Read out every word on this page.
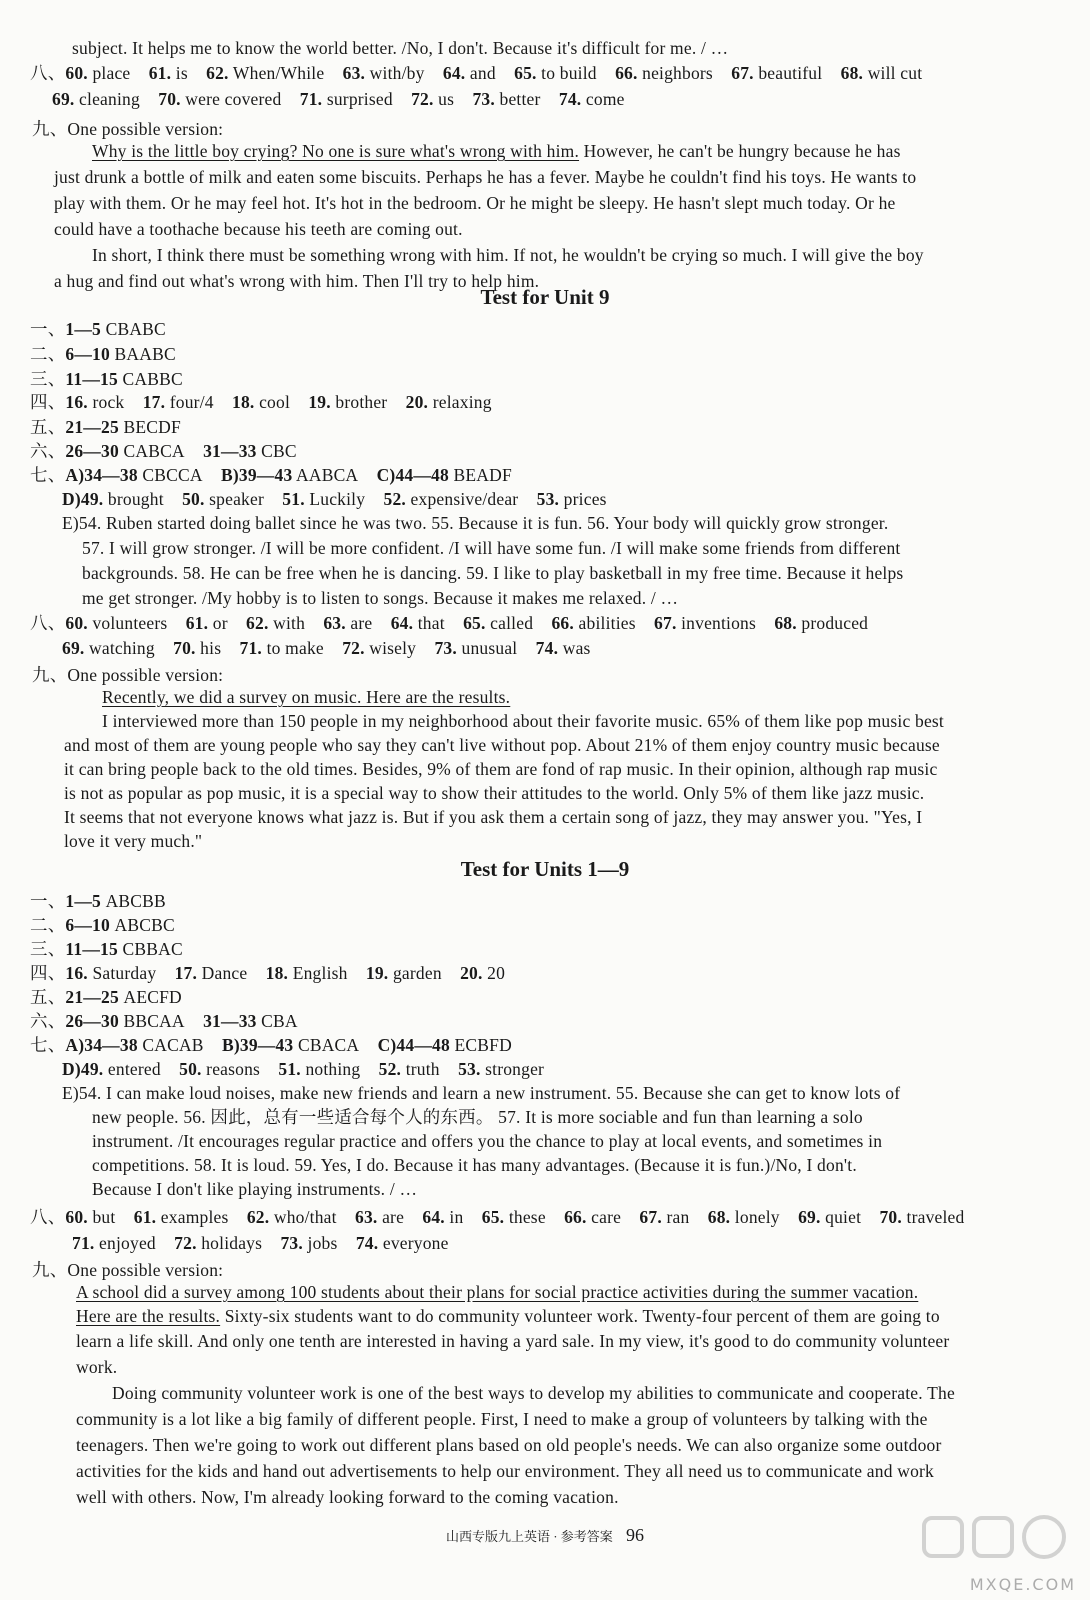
subject. It helps me to know the world better. /No, I don't. Because it's difficult for me. / …
八、60. place 61. is 62. When/While 63. with/by 64. and 65. to build 66. neighbors 67. beautiful 68. will cut
69. cleaning 70. were covered 71. surprised 72. us 73. better 74. come
九、One possible version:
Why is the little boy crying? No one is sure what's wrong with him. However, he can't be hungry because he has
just drunk a bottle of milk and eaten some biscuits. Perhaps he has a fever. Maybe he couldn't find his toys. He wants to
play with them. Or he may feel hot. It's hot in the bedroom. Or he might be sleepy. He hasn't slept much today. Or he
could have a toothache because his teeth are coming out.
In short, I think there must be something wrong with him. If not, he wouldn't be crying so much. I will give the boy
a hug and find out what's wrong with him. Then I'll try to help him.
Test for Unit 9
一、1—5 CBABC
二、6—10 BAABC
三、11—15 CABBC
四、16. rock 17. four/4 18. cool 19. brother 20. relaxing
五、21—25 BECDF
六、26—30 CABCA 31—33 CBC
七、A)34—38 CBCCA B)39—43 AABCA C)44—48 BEADF
D)49. brought 50. speaker 51. Luckily 52. expensive/dear 53. prices
E)54. Ruben started doing ballet since he was two. 55. Because it is fun. 56. Your body will quickly grow stronger.
57. I will grow stronger. /I will be more confident. /I will have some fun. /I will make some friends from different
backgrounds. 58. He can be free when he is dancing. 59. I like to play basketball in my free time. Because it helps
me get stronger. /My hobby is to listen to songs. Because it makes me relaxed. / …
八、60. volunteers 61. or 62. with 63. are 64. that 65. called 66. abilities 67. inventions 68. produced
69. watching 70. his 71. to make 72. wisely 73. unusual 74. was
九、One possible version:
Recently, we did a survey on music. Here are the results.
I interviewed more than 150 people in my neighborhood about their favorite music. 65% of them like pop music best
and most of them are young people who say they can't live without pop. About 21% of them enjoy country music because
it can bring people back to the old times. Besides, 9% of them are fond of rap music. In their opinion, although rap music
is not as popular as pop music, it is a special way to show their attitudes to the world. Only 5% of them like jazz music.
It seems that not everyone knows what jazz is. But if you ask them a certain song of jazz, they may answer you. "Yes, I
love it very much."
Test for Units 1—9
一、1—5 ABCBB
二、6—10 ABCBC
三、11—15 CBBAC
四、16. Saturday 17. Dance 18. English 19. garden 20. 20
五、21—25 AECFD
六、26—30 BBCAA 31—33 CBA
七、A)34—38 CACAB B)39—43 CBACA C)44—48 ECBFD
D)49. entered 50. reasons 51. nothing 52. truth 53. stronger
E)54. I can make loud noises, make new friends and learn a new instrument. 55. Because she can get to know lots of
new people. 56. 因此，总有一些适合每个人的东西。 57. It is more sociable and fun than learning a solo
instrument. /It encourages regular practice and offers you the chance to play at local events, and sometimes in
competitions. 58. It is loud. 59. Yes, I do. Because it has many advantages. (Because it is fun.)/No, I don't.
Because I don't like playing instruments. / …
八、60. but 61. examples 62. who/that 63. are 64. in 65. these 66. care 67. ran 68. lonely 69. quiet 70. traveled
71. enjoyed 72. holidays 73. jobs 74. everyone
九、One possible version:
A school did a survey among 100 students about their plans for social practice activities during the summer vacation.
Here are the results. Sixty-six students want to do community volunteer work. Twenty-four percent of them are going to
learn a life skill. And only one tenth are interested in having a yard sale. In my view, it's good to do community volunteer
work.
Doing community volunteer work is one of the best ways to develop my abilities to communicate and cooperate. The
community is a lot like a big family of different people. First, I need to make a group of volunteers by talking with the
teenagers. Then we're going to work out different plans based on old people's needs. We can also organize some outdoor
activities for the kids and hand out advertisements to help our environment. They all need us to communicate and work
well with others. Now, I'm already looking forward to the coming vacation.
山西专版九上英语 · 参考答案 96
MXQE.COM
